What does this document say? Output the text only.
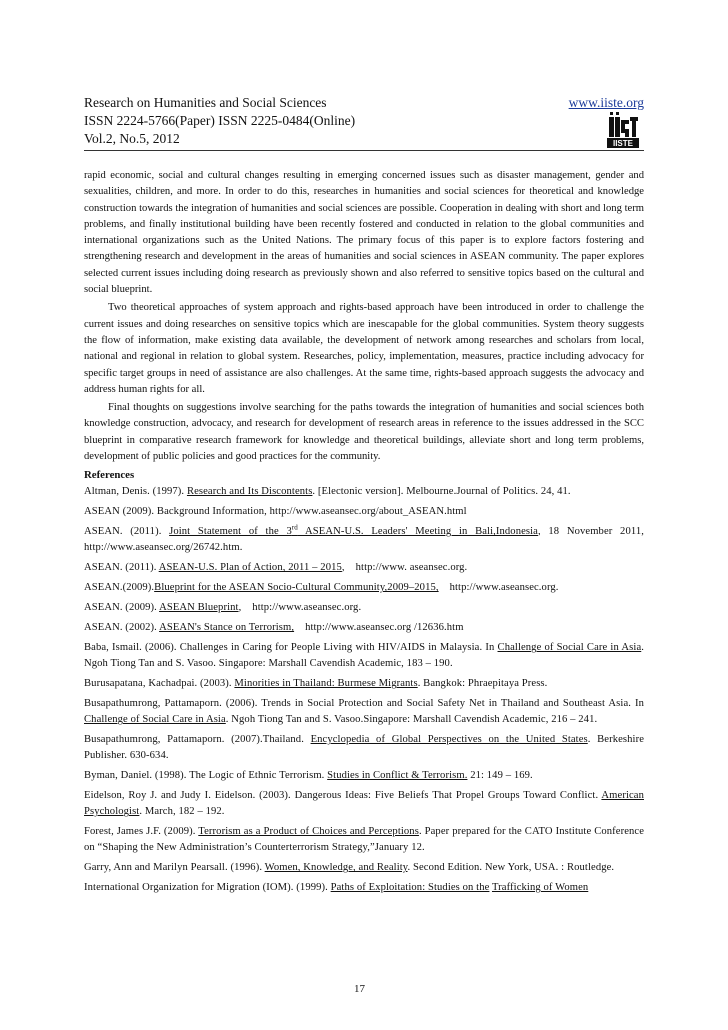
Research on Humanities and Social Sciences
ISSN 2224-5766(Paper) ISSN 2225-0484(Online)
Vol.2, No.5, 2012
www.iiste.org
IISTE

rapid economic, social and cultural changes resulting in emerging concerned issues such as disaster management, gender and sexualities, children, and more. In order to do this, researches in humanities and social sciences for theoretical and knowledge construction towards the integration of humanities and social sciences are possible. Cooperation in dealing with short and long term problems, and finally institutional building have been recently fostered and conducted in relation to the global communities and international organizations such as the United Nations. The primary focus of this paper is to explore factors fostering and strengthening research and development in the areas of humanities and social sciences in ASEAN community. The paper explores selected current issues including doing research as previously shown and also referred to sensitive topics based on the cultural and social blueprint.

Two theoretical approaches of system approach and rights-based approach have been introduced in order to challenge the current issues and doing researches on sensitive topics which are inescapable for the global communities. System theory suggests the flow of information, make existing data available, the development of network among researches and scholars from local, national and regional in relation to global system. Researches, policy, implementation, measures, practice including advocacy for specific target groups in need of assistance are also challenges. At the same time, rights-based approach suggests the advocacy and address human rights for all.

Final thoughts on suggestions involve searching for the paths towards the integration of humanities and social sciences both knowledge construction, advocacy, and research for development of research areas in reference to the issues addressed in the SCC blueprint in comparative research framework for knowledge and theoretical buildings, alleviate short and long term problems, development of public policies and good practices for the community.

References

Altman, Denis. (1997). Research and Its Discontents. [Electonic version]. Melbourne.Journal of Politics. 24, 41.

ASEAN (2009). Background Information, http://www.aseansec.org/about_ASEAN.html

ASEAN. (2011). Joint Statement of the 3rd ASEAN-U.S. Leaders' Meeting in Bali,Indonesia, 18 November 2011, http://www.aseansec.org/26742.htm.

ASEAN. (2011). ASEAN-U.S. Plan of Action, 2011 – 2015,    http://www. aseansec.org.

ASEAN.(2009).Blueprint for the ASEAN Socio-Cultural Community,2009–2015,    http://www.aseansec.org.

ASEAN. (2009). ASEAN Blueprint,    http://www.aseansec.org.

ASEAN. (2002). ASEAN's Stance on Terrorism,    http://www.aseansec.org /12636.htm

Baba, Ismail. (2006). Challenges in Caring for People Living with HIV/AIDS in Malaysia. In Challenge of Social Care in Asia. Ngoh Tiong Tan and S. Vasoo. Singapore: Marshall Cavendish Academic, 183 – 190.

Burusapatana, Kachadpai. (2003). Minorities in Thailand: Burmese Migrants. Bangkok: Phraepitaya Press.

Busapathumrong, Pattamaporn. (2006). Trends in Social Protection and Social Safety Net in Thailand and Southeast Asia. In Challenge of Social Care in Asia. Ngoh Tiong Tan and S. Vasoo.Singapore: Marshall Cavendish Academic, 216 – 241.

Busapathumrong, Pattamaporn. (2007).Thailand. Encyclopedia of Global Perspectives on the United States. Berkeshire Publisher. 630-634.

Byman, Daniel. (1998). The Logic of Ethnic Terrorism. Studies in Conflict & Terrorism. 21: 149 – 169.

Eidelson, Roy J. and Judy I. Eidelson. (2003). Dangerous Ideas: Five Beliefs That Propel Groups Toward Conflict. American Psychologist. March, 182 – 192.

Forest, James J.F. (2009). Terrorism as a Product of Choices and Perceptions. Paper prepared for the CATO Institute Conference on “Shaping the New Administration’s Counterterrorism Strategy,”January 12.

Garry, Ann and Marilyn Pearsall. (1996). Women, Knowledge, and Reality. Second Edition. New York, USA. : Routledge.

International Organization for Migration (IOM). (1999). Paths of Exploitation: Studies on the Trafficking of Women

17
